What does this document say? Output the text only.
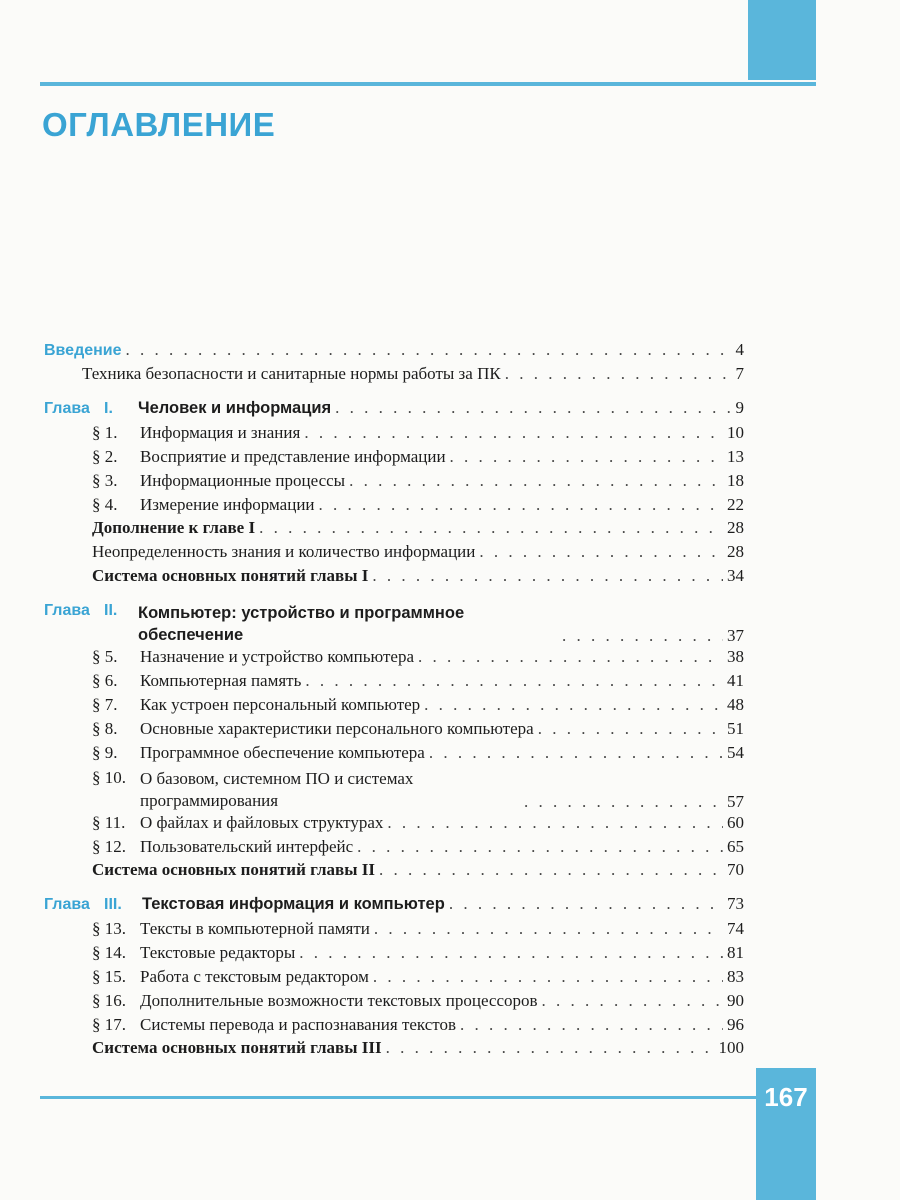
ОГЛАВЛЕНИЕ
Введение . . .	4
Техника безопасности и санитарные нормы работы за ПК . . .	7
Глава I.	Человек и информация . . .	9
§ 1.	Информация и знания . . .	10
§ 2.	Восприятие и представление информации . . .	13
§ 3.	Информационные процессы . . .	18
§ 4.	Измерение информации . . .	22
Дополнение к главе I . . .	28
Неопределенность знания и количество информации . . .	28
Система основных понятий главы I . . .	34
Глава II.	Компьютер: устройство и программное обеспечение . . .	37
§ 5.	Назначение и устройство компьютера . . .	38
§ 6.	Компьютерная память . . .	41
§ 7.	Как устроен персональный компьютер . . .	48
§ 8.	Основные характеристики персонального компьютера . . .	51
§ 9.	Программное обеспечение компьютера . . .	54
§ 10. О базовом, системном ПО и системах программирования . . .	57
§ 11. О файлах и файловых структурах . . .	60
§ 12. Пользовательский интерфейс . . .	65
Система основных понятий главы II . . .	70
Глава III.	Текстовая информация и компьютер . . .	73
§ 13. Тексты в компьютерной памяти . . .	74
§ 14. Текстовые редакторы . . .	81
§ 15. Работа с текстовым редактором . . .	83
§ 16. Дополнительные возможности текстовых процессоров . . .	90
§ 17. Системы перевода и распознавания текстов . . .	96
Система основных понятий главы III . . .	100
167
